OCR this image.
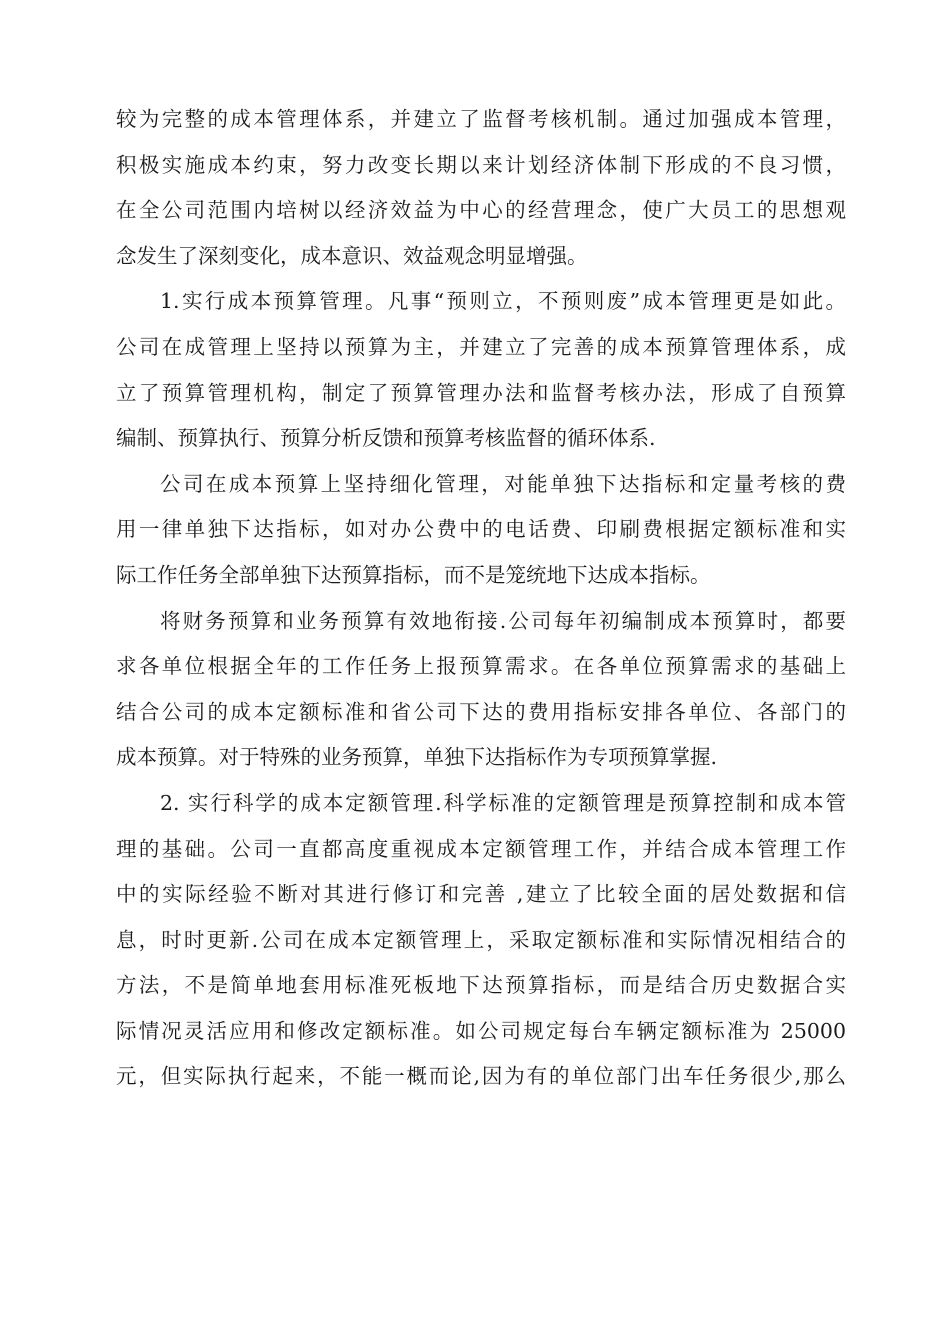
较为完整的成本管理体系，并建立了监督考核机制。通过加强成本管理，
积极实施成本约束，努力改变长期以来计划经济体制下形成的不良习惯，
在全公司范围内培树以经济效益为中心的经营理念，使广大员工的思想观
念发生了深刻变化，成本意识、效益观念明显增强。
1.实行成本预算管理。凡事“预则立，不预则废”成本管理更是如此。
公司在成管理上坚持以预算为主，并建立了完善的成本预算管理体系，成
立了预算管理机构，制定了预算管理办法和监督考核办法，形成了自预算
编制、预算执行、预算分析反馈和预算考核监督的循环体系.
公司在成本预算上坚持细化管理，对能单独下达指标和定量考核的费
用一律单独下达指标，如对办公费中的电话费、印刷费根据定额标准和实
际工作任务全部单独下达预算指标，而不是笼统地下达成本指标。
将财务预算和业务预算有效地衔接.公司每年初编制成本预算时，都要
求各单位根据全年的工作任务上报预算需求。在各单位预算需求的基础上
结合公司的成本定额标准和省公司下达的费用指标安排各单位、各部门的
成本预算。对于特殊的业务预算，单独下达指标作为专项预算掌握.
2. 实行科学的成本定额管理.科学标准的定额管理是预算控制和成本管
理的基础。公司一直都高度重视成本定额管理工作，并结合成本管理工作
中的实际经验不断对其进行修订和完善 ,建立了比较全面的居处数据和信
息，时时更新.公司在成本定额管理上，采取定额标准和实际情况相结合的
方法，不是简单地套用标准死板地下达预算指标，而是结合历史数据合实
际情况灵活应用和修改定额标准。如公司规定每台车辆定额标准为 25000
元，但实际执行起来，不能一概而论,因为有的单位部门出车任务很少,那么
